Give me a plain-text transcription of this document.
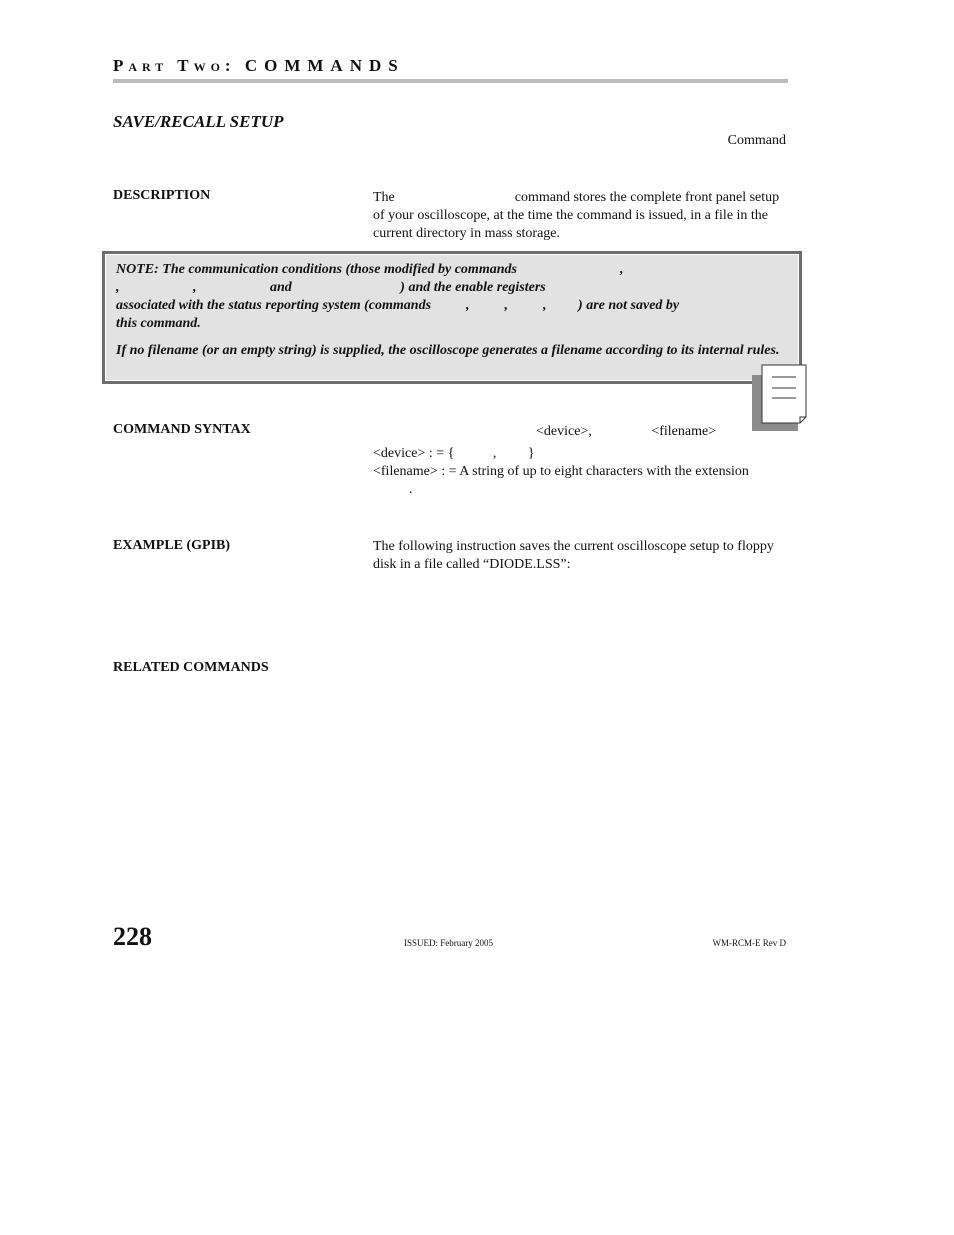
Part Two: COMMANDS
SAVE/RECALL SETUP
Command
DESCRIPTION	The	command stores the complete front panel setup of your oscilloscope, at the time the command is issued, in a file in the current directory in mass storage.

NOTE: The communication conditions (those modified by commands	,
,                     ,                     and                               ) and the enable registers
associated with the status reporting system (commands          ,          ,          ,         ) are not saved by
this command.

If no filename (or an empty string) is supplied, the oscilloscope generates a filename according to its internal rules.

COMMAND SYNTAX	<device>,                 <filename>
<device> : = {           ,         }
<filename> : = A string of up to eight characters with the extension
.
EXAMPLE (GPIB)	The following instruction saves the current oscilloscope setup to floppy disk in a file called “DIODE.LSS”:
RELATED COMMANDS
228	ISSUED: February 2005	WM-RCM-E Rev D
